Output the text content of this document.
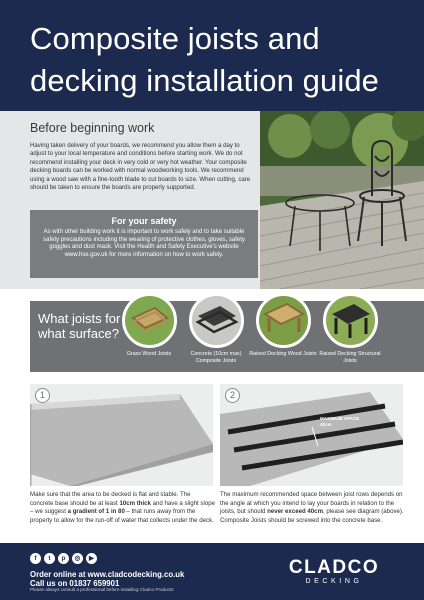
Composite joists and decking installation guide
Before beginning work

Having taken delivery of your boards, we recommend you allow them a day to adjust to your local temperature and conditions before starting work. We do not recommend installing your deck in very cold or very hot weather. Your composite decking boards can be worked with normal woodworking tools. We recommend using a wood saw with a fine-tooth blade to cut boards to size. When cutting, care should be taken to ensure the boards are properly supported.

For your safety

As with other building work it is important to work safely and to take suitable safety precautions including the wearing of protective clothes, gloves, safety goggles and dust mask. Visit the Health and Safety Executive's website www.hse.gov.uk for more information on how to work safely.

What joists for what surface?
Grass Wood Joists	Concrete (10cm max) Composite Joists
Raised Decking Wood Joists Raised Decking Structural Joists
1

Make sure that the area to be decked is flat and stable. The concrete base should be at least 10cm thick and have a slight slope – we suggest a gradient of 1 in 80 – that runs away from the property to allow for the run-off of water that collects under the deck.

2
MAXIMUM SPACE 40cm

The maximum recommended space between joist rows depends on the angle at which you intend to lay your boards in relation to the joists, but should never exceed 40cm, please see diagram (above). Composite Joists should be screwed into the concrete base.

f	t	p	◎	▶
Order online at www.cladcodecking.co.uk
Call us on 01837 659901
Please always consult a professional before installing Cladco Products
CLADCO
DECKING
